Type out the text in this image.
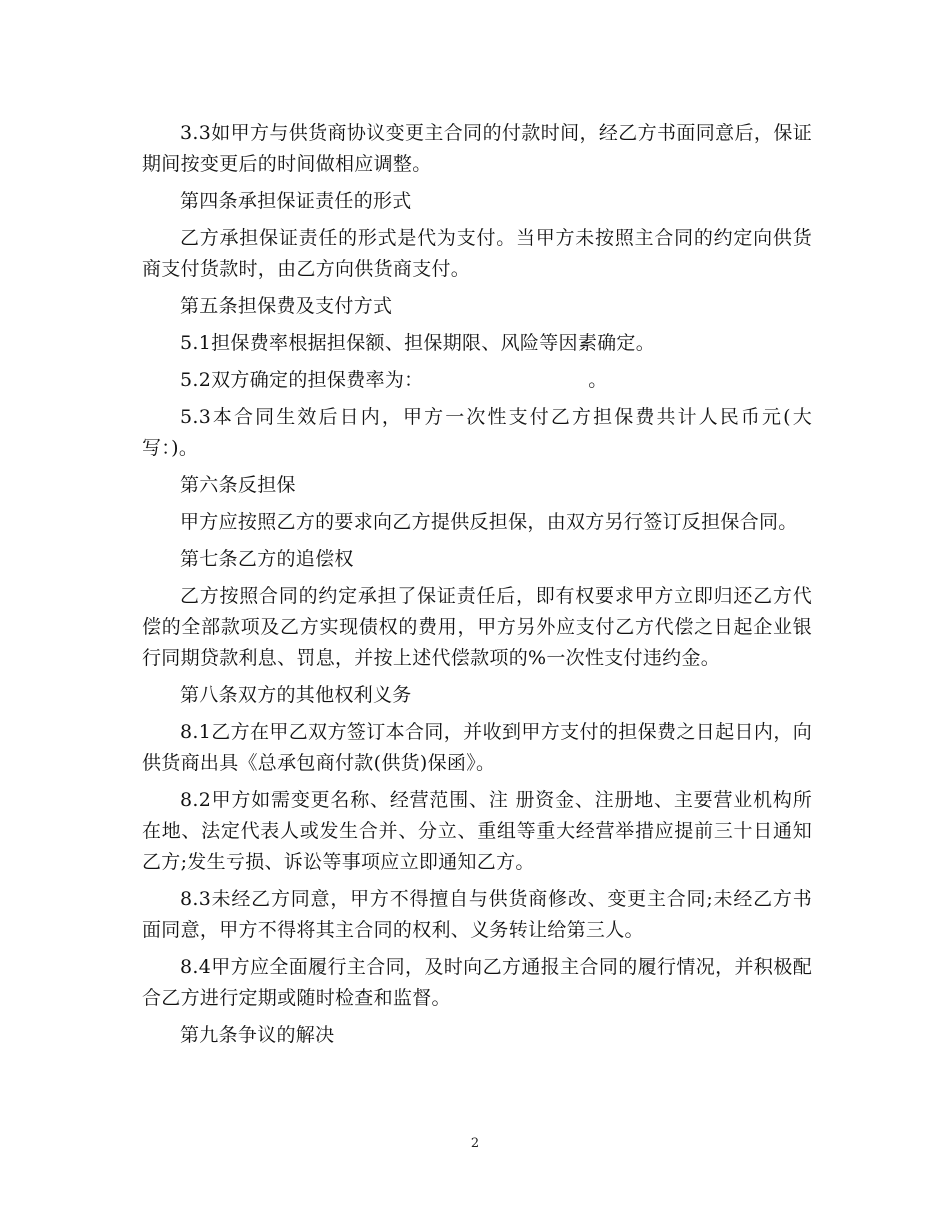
3.3如甲方与供货商协议变更主合同的付款时间，经乙方书面同意后，保证期间按变更后的时间做相应调整。

第四条承担保证责任的形式

乙方承担保证责任的形式是代为支付。当甲方未按照主合同的约定向供货商支付货款时，由乙方向供货商支付。

第五条担保费及支付方式

5.1担保费率根据担保额、担保期限、风险等因素确定。

5.2双方确定的担保费率为：                          。

5.3本合同生效后日内，甲方一次性支付乙方担保费共计人民币元(大写：)。

第六条反担保

甲方应按照乙方的要求向乙方提供反担保，由双方另行签订反担保合同。

第七条乙方的追偿权

乙方按照合同的约定承担了保证责任后，即有权要求甲方立即归还乙方代偿的全部款项及乙方实现债权的费用，甲方另外应支付乙方代偿之日起企业银行同期贷款利息、罚息，并按上述代偿款项的%一次性支付违约金。

第八条双方的其他权利义务

8.1乙方在甲乙双方签订本合同，并收到甲方支付的担保费之日起日内，向供货商出具《总承包商付款(供货)保函》。

8.2甲方如需变更名称、经营范围、注 册资金、注册地、主要营业机构所在地、法定代表人或发生合并、分立、重组等重大经营举措应提前三十日通知乙方;发生亏损、诉讼等事项应立即通知乙方。

8.3未经乙方同意，甲方不得擅自与供货商修改、变更主合同;未经乙方书面同意，甲方不得将其主合同的权利、义务转让给第三人。

8.4甲方应全面履行主合同，及时向乙方通报主合同的履行情况，并积极配合乙方进行定期或随时检查和监督。

第九条争议的解决

2
